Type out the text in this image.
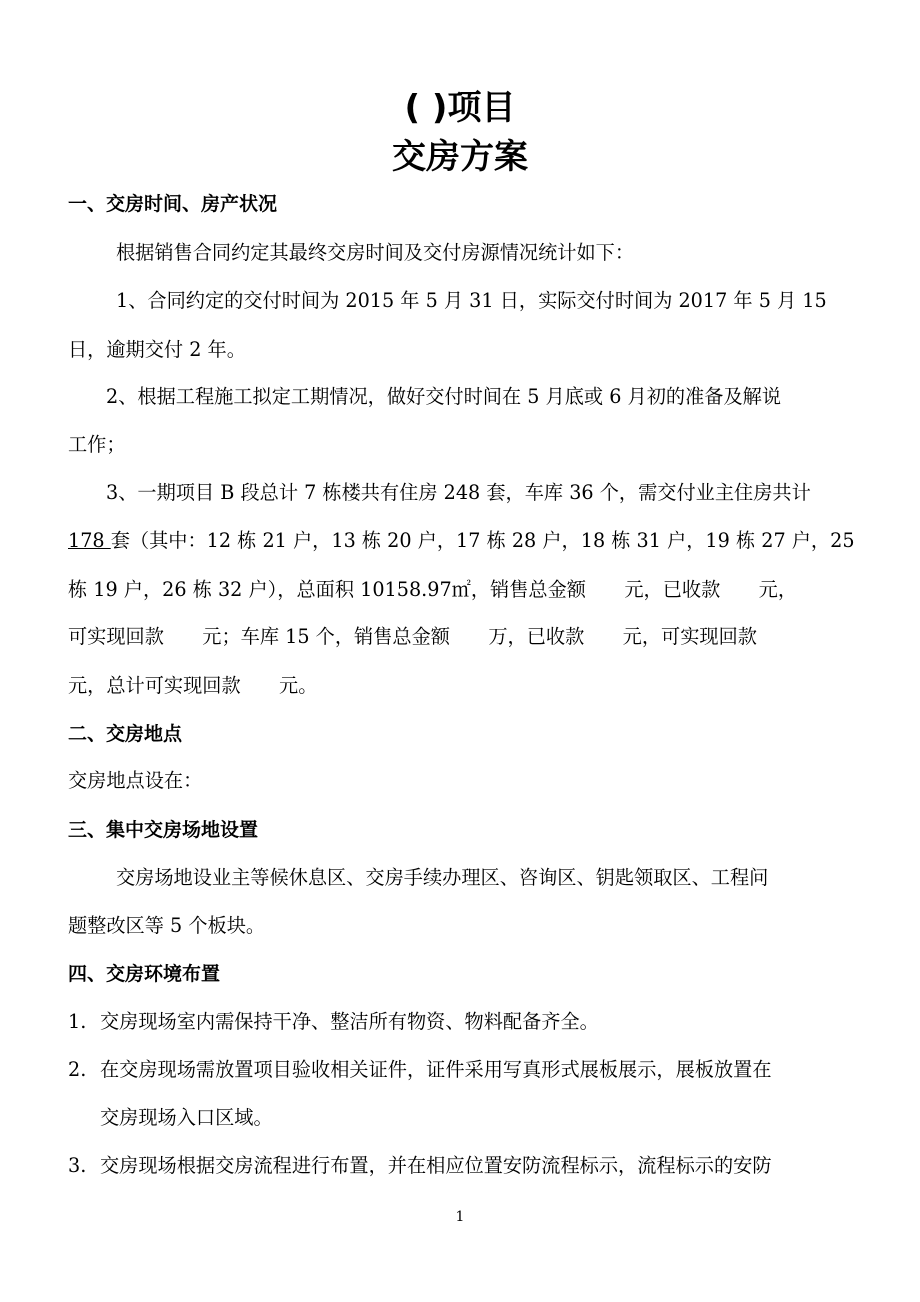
( )项目
交房方案
一、交房时间、房产状况
根据销售合同约定其最终交房时间及交付房源情况统计如下：
1、合同约定的交付时间为 2015 年 5 月 31 日，实际交付时间为 2017 年 5 月 15
日，逾期交付 2 年。
2、根据工程施工拟定工期情况，做好交付时间在 5 月底或 6 月初的准备及解说
工作；
3、一期项目 B 段总计 7 栋楼共有住房 248 套，车库 36 个，需交付业主住房共计
178 套（其中：12 栋 21 户，13 栋 20 户，17 栋 28 户，18 栋 31 户，19 栋 27 户，25
栋 19 户，26 栋 32 户），总面积 10158.97㎡，销售总金额　　元，已收款　　元，
可实现回款　　元；车库 15 个，销售总金额　　万，已收款　　元，可实现回款
元，总计可实现回款　　元。
二、交房地点
交房地点设在：
三、集中交房场地设置
交房场地设业主等候休息区、交房手续办理区、咨询区、钥匙领取区、工程问
题整改区等 5 个板块。
四、交房环境布置
1. 交房现场室内需保持干净、整洁所有物资、物料配备齐全。
2. 在交房现场需放置项目验收相关证件，证件采用写真形式展板展示，展板放置在
交房现场入口区域。
3. 交房现场根据交房流程进行布置，并在相应位置安防流程标示，流程标示的安防
1
